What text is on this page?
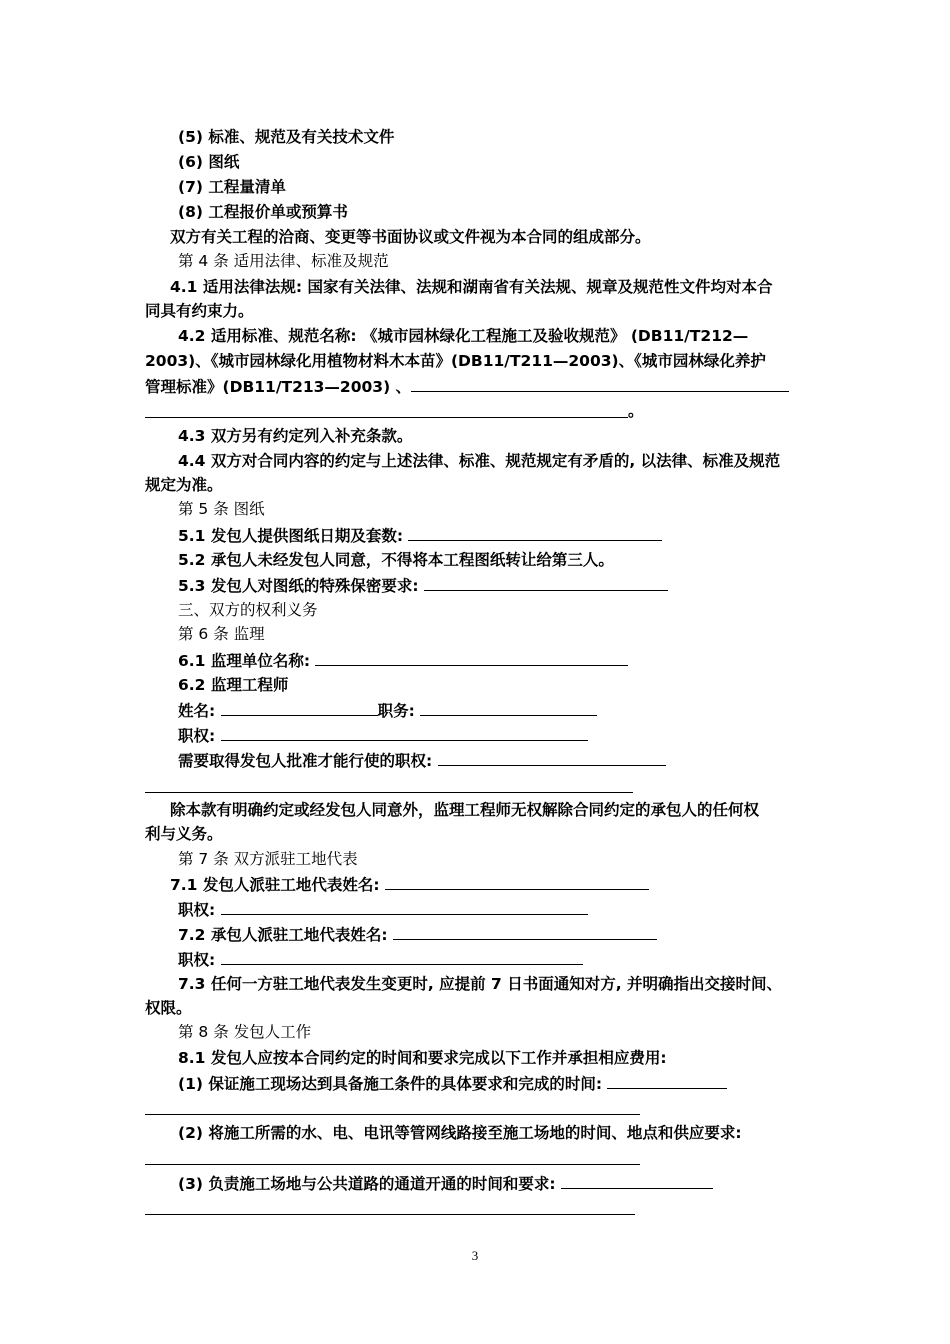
(5) 标准、规范及有关技术文件
(6) 图纸
(7) 工程量清单
(8) 工程报价单或预算书
双方有关工程的洽商、变更等书面协议或文件视为本合同的组成部分。
第 4 条 适用法律、标准及规范
4.1 适用法律法规: 国家有关法律、法规和湖南省有关法规、规章及规范性文件均对本合
同具有约束力。
4.2 适用标准、规范名称: 《城市园林绿化工程施工及验收规范》 (DB11/T212—
2003)、《城市园林绿化用植物材料木本苗》(DB11/T211—2003)、《城市园林绿化养护
管理标准》(DB11/T213—2003) 、
。
4.3 双方另有约定列入补充条款。
4.4 双方对合同内容的约定与上述法律、标准、规范规定有矛盾的, 以法律、标准及规范
规定为准。
第 5 条 图纸
5.1 发包人提供图纸日期及套数:
5.2 承包人未经发包人同意，不得将本工程图纸转让给第三人。
5.3 发包人对图纸的特殊保密要求:
三、双方的权利义务
第 6 条 监理
6.1 监理单位名称:
6.2 监理工程师
姓名:	职务:
职权:
需要取得发包人批准才能行使的职权:
除本款有明确约定或经发包人同意外，监理工程师无权解除合同约定的承包人的任何权
利与义务。
第 7 条 双方派驻工地代表
7.1 发包人派驻工地代表姓名:
职权:
7.2 承包人派驻工地代表姓名:
职权:
7.3 任何一方驻工地代表发生变更时, 应提前 7 日书面通知对方, 并明确指出交接时间、
权限。
第 8 条 发包人工作
8.1 发包人应按本合同约定的时间和要求完成以下工作并承担相应费用:
(1) 保证施工现场达到具备施工条件的具体要求和完成的时间:
(2) 将施工所需的水、电、电讯等管网线路接至施工场地的时间、地点和供应要求:
(3) 负责施工场地与公共道路的通道开通的时间和要求:
3
